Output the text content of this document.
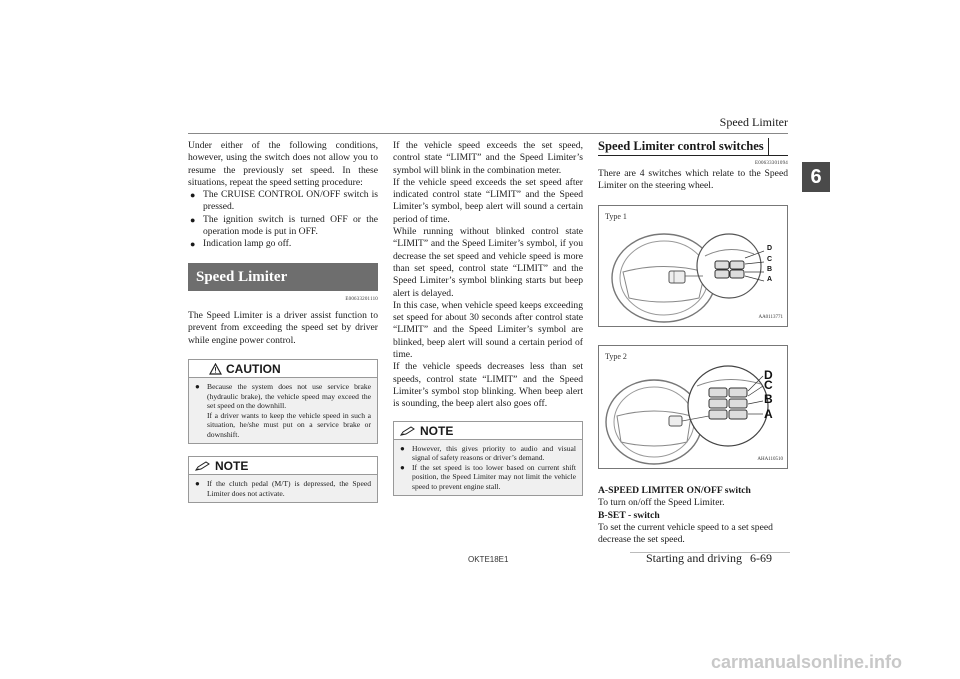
Speed Limiter
6

Under either of the following conditions, however, using the switch does not allow you to resume the previously set speed. In these situations, repeat the speed setting procedure:

● The CRUISE CONTROL ON/OFF switch is pressed.
● The ignition switch is turned OFF or the operation mode is put in OFF.
● Indication lamp go off.
Speed Limiter
E00633201110

The Speed Limiter is a driver assist function to prevent from exceeding the speed set by driver while engine power control.

CAUTION
● Because the system does not use service brake (hydraulic brake), the vehicle speed may exceed the set speed on the downhill.
If a driver wants to keep the vehicle speed in such a situation, he/she must put on a service brake or downshift.
NOTE
● If the clutch pedal (M/T) is depressed, the Speed Limiter does not activate.

If the vehicle speed exceeds the set speed, control state “LIMIT” and the Speed Limiter’s symbol will blink in the combination meter.

If the vehicle speed exceeds the set speed after indicated control state “LIMIT” and the Speed Limiter’s symbol, beep alert will sound a certain period of time.

While running without blinked control state “LIMIT” and the Speed Limiter’s symbol, if you decrease the set speed and vehicle speed is more than set speed, control state “LIMIT” and the Speed Limiter’s symbol blinking starts but beep alert is delayed.

In this case, when vehicle speed keeps exceeding set speed for about 30 seconds after control state “LIMIT” and the Speed Limiter’s symbol are blinked, beep alert will sound a certain period of time.

If the vehicle speeds decreases less than set speeds, control state “LIMIT” and the Speed Limiter’s symbol stop blinking. When beep alert is sounding, the beep alert also goes off.

NOTE
● However, this gives priority to audio and visual signal of safety reasons or driver’s demand.
● If the set speed is too lower based on current shift position, the Speed Limiter may not limit the vehicle speed to prevent engine stall.
Speed Limiter control switches
E00633301094
There are 4 switches which relate to the Speed Limiter on the steering wheel.
Type 1
D
C
B
A
AA0113771
Type 2
D
C
B
A
AHA110510
A-SPEED LIMITER ON/OFF switch
To turn on/off the Speed Limiter.
B-SET - switch
To set the current vehicle speed to a set speed decrease the set speed.
OKTE18E1	Starting and driving 6-69
carmanualsonline.info
